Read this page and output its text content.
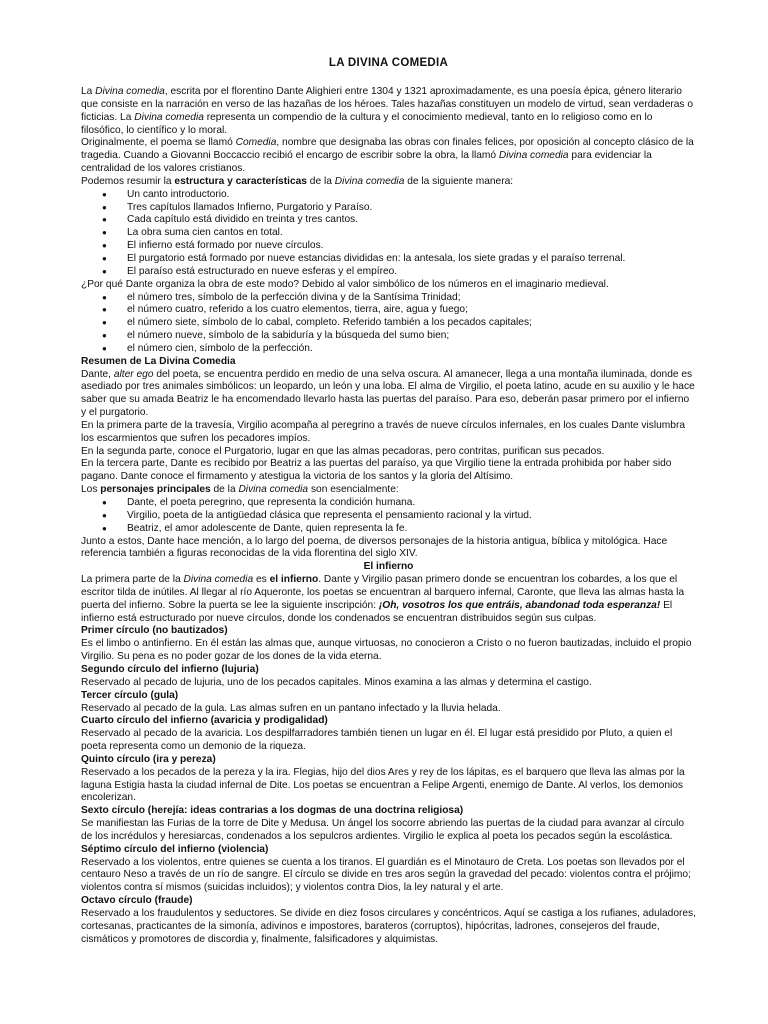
LA DIVINA COMEDIA

La Divina comedia, escrita por el florentino Dante Alighieri entre 1304 y 1321 aproximadamente, es una poesía épica, género literario que consiste en la narración en verso de las hazañas de los héroes. Tales hazañas constituyen un modelo de virtud, sean verdaderas o ficticias. La Divina comedia representa un compendio de la cultura y el conocimiento medieval, tanto en lo religioso como en lo filosófico, lo científico y lo moral.

Originalmente, el poema se llamó Comedia, nombre que designaba las obras con finales felices, por oposición al concepto clásico de la tragedia. Cuando a Giovanni Boccaccio recibió el encargo de escribir sobre la obra, la llamó Divina comedia para evidenciar la centralidad de los valores cristianos.

Podemos resumir la estructura y características de la Divina comedia de la siguiente manera:

● Un canto introductorio.
● Tres capítulos llamados Infierno, Purgatorio y Paraíso.
● Cada capítulo está dividido en treinta y tres cantos.
● La obra suma cien cantos en total.
● El infierno está formado por nueve círculos.
● El purgatorio está formado por nueve estancias divididas en: la antesala, los siete gradas y el paraíso terrenal.
● El paraíso está estructurado en nueve esferas y el empíreo.

¿Por qué Dante organiza la obra de este modo? Debido al valor simbólico de los números en el imaginario medieval.

● el número tres, símbolo de la perfección divina y de la Santísima Trinidad;
● el número cuatro, referido a los cuatro elementos, tierra, aire, agua y fuego;
● el número siete, símbolo de lo cabal, completo. Referido también a los pecados capitales;
● el número nueve, símbolo de la sabiduría y la búsqueda del sumo bien;
● el número cien, símbolo de la perfección.

Resumen de La Divina Comedia

Dante, alter ego del poeta, se encuentra perdido en medio de una selva oscura. Al amanecer, llega a una montaña iluminada, donde es asediado por tres animales simbólicos: un leopardo, un león y una loba. El alma de Virgilio, el poeta latino, acude en su auxilio y le hace saber que su amada Beatriz le ha encomendado llevarlo hasta las puertas del paraíso. Para eso, deberán pasar primero por el infierno y el purgatorio.

En la primera parte de la travesía, Virgilio acompaña al peregrino a través de nueve círculos infernales, en los cuales Dante vislumbra los escarmientos que sufren los pecadores impíos.

En la segunda parte, conoce el Purgatorio, lugar en que las almas pecadoras, pero contritas, purifican sus pecados.

En la tercera parte, Dante es recibido por Beatriz a las puertas del paraíso, ya que Virgilio tiene la entrada prohibida por haber sido pagano. Dante conoce el firmamento y atestigua la victoria de los santos y la gloria del Altísimo.

Los personajes principales de la Divina comedia son esencialmente:

● Dante, el poeta peregrino, que representa la condición humana.
● Virgilio, poeta de la antigüedad clásica que representa el pensamiento racional y la virtud.
● Beatriz, el amor adolescente de Dante, quien representa la fe.

Junto a estos, Dante hace mención, a lo largo del poema, de diversos personajes de la historia antigua, bíblica y mitológica. Hace referencia también a figuras reconocidas de la vida florentina del siglo XIV.

El infierno

La primera parte de la Divina comedia es el infierno. Dante y Virgilio pasan primero donde se encuentran los cobardes, a los que el escritor tilda de inútiles. Al llegar al río Aqueronte, los poetas se encuentran al barquero infernal, Caronte, que lleva las almas hasta la puerta del infierno. Sobre la puerta se lee la siguiente inscripción: ¡Oh, vosotros los que entráis, abandonad toda esperanza! El infierno está estructurado por nueve círculos, donde los condenados se encuentran distribuidos según sus culpas.

Primer círculo (no bautizados)

Es el limbo o antinfierno. En él están las almas que, aunque virtuosas, no conocieron a Cristo o no fueron bautizadas, incluido el propio Virgilio. Su pena es no poder gozar de los dones de la vida eterna.

Segundo círculo del infierno (lujuria)

Reservado al pecado de lujuria, uno de los pecados capitales. Minos examina a las almas y determina el castigo.

Tercer círculo (gula)

Reservado al pecado de la gula. Las almas sufren en un pantano infectado y la lluvia helada.

Cuarto círculo del infierno (avaricia y prodigalidad)

Reservado al pecado de la avaricia. Los despilfarradores también tienen un lugar en él. El lugar está presidido por Pluto, a quien el poeta representa como un demonio de la riqueza.

Quinto círculo (ira y pereza)

Reservado a los pecados de la pereza y la ira. Flegias, hijo del dios Ares y rey de los lápitas, es el barquero que lleva las almas por la laguna Estigia hasta la ciudad infernal de Dite. Los poetas se encuentran a Felipe Argenti, enemigo de Dante. Al verlos, los demonios encolerizan.

Sexto círculo (herejía: ideas contrarias a los dogmas de una doctrina religiosa)

Se manifiestan las Furias de la torre de Dite y Medusa. Un ángel los socorre abriendo las puertas de la ciudad para avanzar al círculo de los incrédulos y heresiarcas, condenados a los sepulcros ardientes. Virgilio le explica al poeta los pecados según la escolástica.

Séptimo círculo del infierno (violencia)

Reservado a los violentos, entre quienes se cuenta a los tiranos. El guardián es el Minotauro de Creta. Los poetas son llevados por el centauro Neso a través de un río de sangre. El círculo se divide en tres aros según la gravedad del pecado: violentos contra el prójimo; violentos contra sí mismos (suicidas incluidos); y violentos contra Dios, la ley natural y el arte.

Octavo círculo (fraude)

Reservado a los fraudulentos y seductores. Se divide en diez fosos circulares y concéntricos. Aquí se castiga a los rufianes, aduladores, cortesanas, practicantes de la simonía, adivinos e impostores, barateros (corruptos), hipócritas, ladrones, consejeros del fraude, cismáticos y promotores de discordia y, finalmente, falsificadores y alquimistas.
